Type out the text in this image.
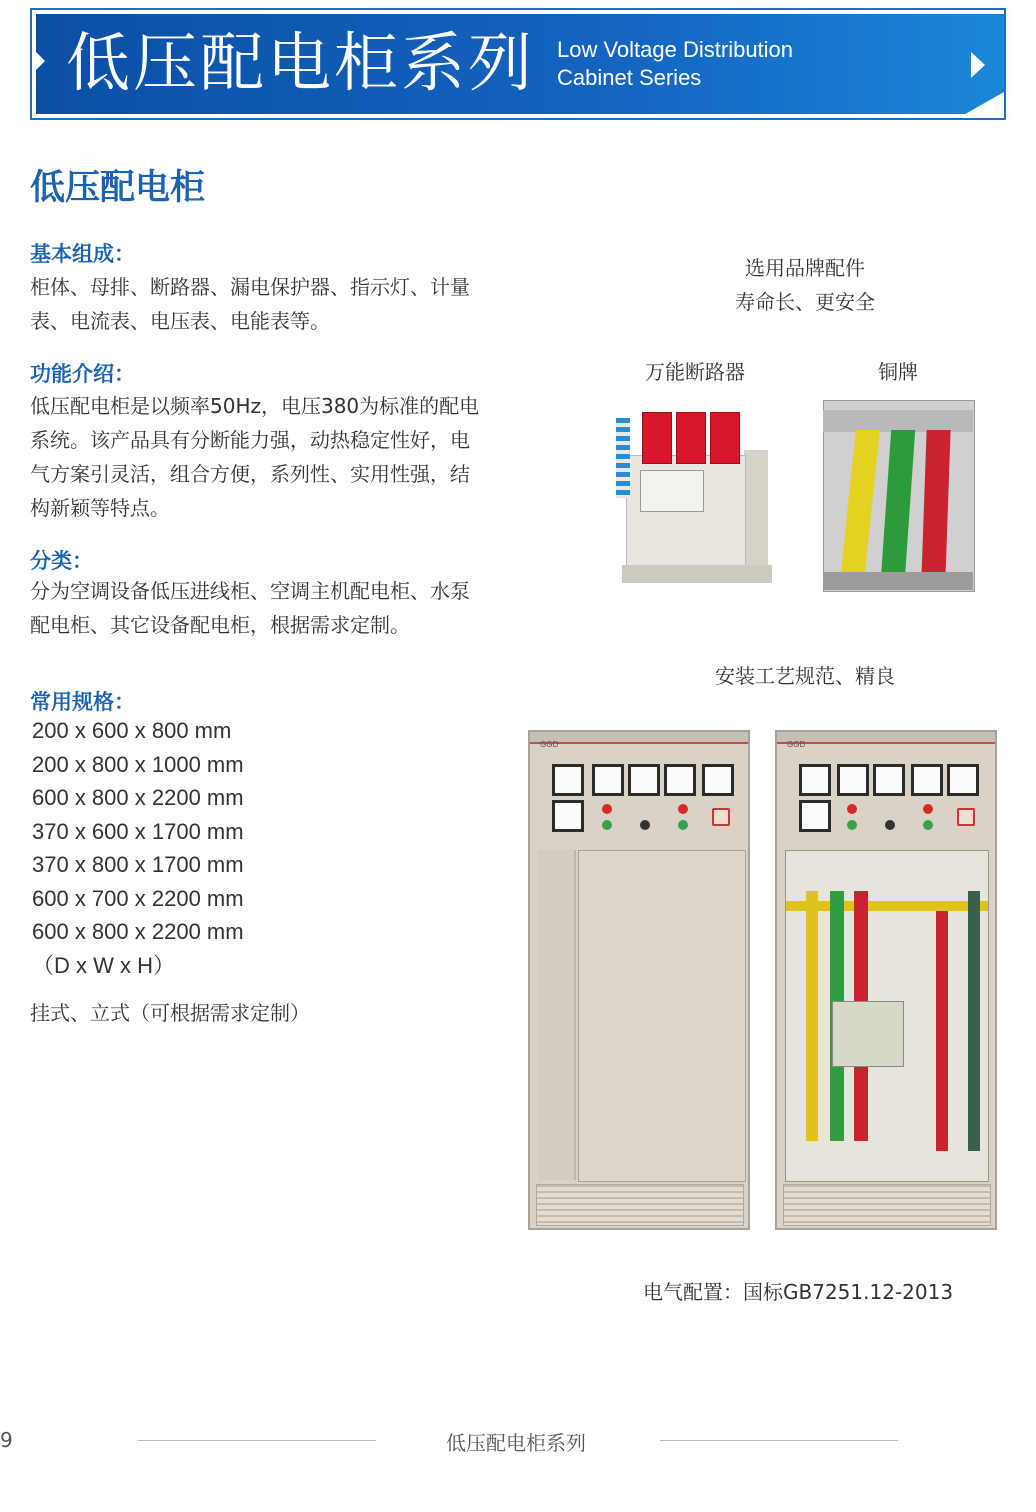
低压配电柜系列 Low Voltage Distribution
Cabinet Series
低压配电柜
基本组成：
柜体、母排、断路器、漏电保护器、指示灯、计量
表、电流表、电压表、电能表等。
功能介绍：
低压配电柜是以频率50Hz，电压380为标准的配电
系统。该产品具有分断能力强，动热稳定性好，电
气方案引灵活，组合方便，系列性、实用性强，结
构新颖等特点。
分类：
分为空调设备低压进线柜、空调主机配电柜、水泵
配电柜、其它设备配电柜，根据需求定制。
常用规格：
200 x 600 x 800 mm
200 x 800 x 1000 mm
600 x 800 x 2200 mm
370 x 600 x 1700 mm
370 x 800 x 1700 mm
600 x 700 x 2200 mm
600 x 800 x 2200 mm
（D x W x H）
挂式、立式（可根据需求定制）
选用品牌配件
寿命长、更安全
万能断路器	铜牌
安装工艺规范、精良
GGD	GGD
电气配置：国标GB7251.12-2013
9	低压配电柜系列
